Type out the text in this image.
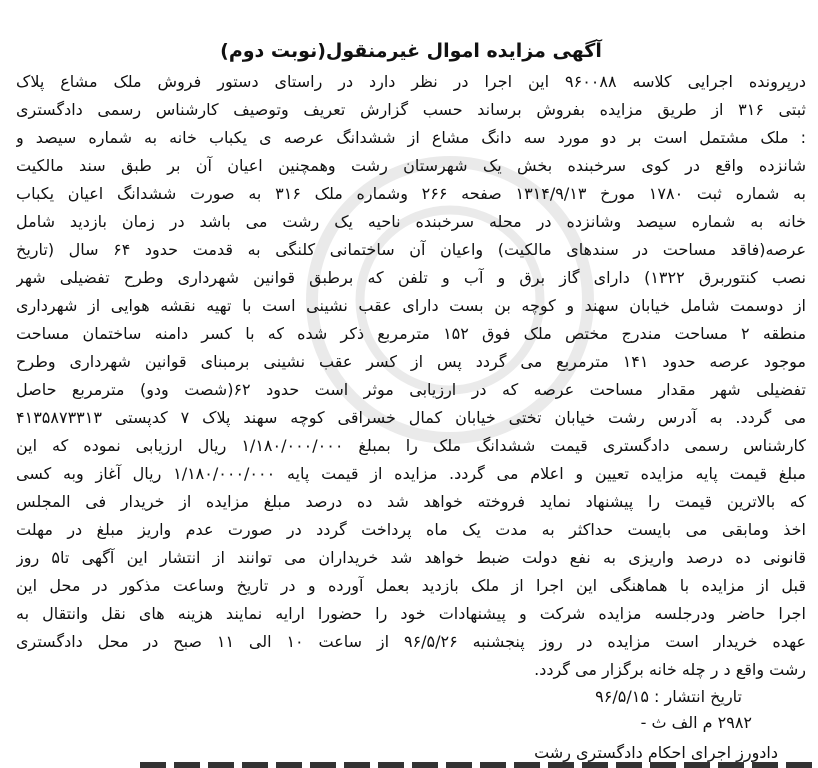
آگهی مزایده اموال غیرمنقول(نوبت دوم)
درپرونده اجرایی کلاسه ۹۶۰۰۸۸ این اجرا در نظر دارد در راستای دستور فروش ملک مشاع پلاک
ثبتی ۳۱۶ از طریق مزایده بفروش برساند حسب گزارش تعریف وتوصیف کارشناس رسمی دادگستری
: ملک مشتمل است بر دو مورد سه دانگ مشاع از ششدانگ عرصه ی یکباب خانه به شماره سیصد و
شانزده واقع در کوی سرخبنده بخش یک شهرستان رشت وهمچنین اعیان آن بر طبق سند مالکیت
به شماره ثبت ۱۷۸۰ مورخ ۱۳۱۴/۹/۱۳ صفحه ۲۶۶ وشماره ملک ۳۱۶ به صورت ششدانگ اعیان یکباب
خانه به شماره سیصد وشانزده در محله سرخبنده ناحیه یک رشت می باشد در زمان بازدید شامل
عرصه(فاقد مساحت در سندهای مالکیت) واعیان آن ساختمانی کلنگی به قدمت حدود ۶۴ سال (تاریخ
نصب کنتوربرق ۱۳۲۲) دارای گاز برق و آب و تلفن که برطبق قوانین شهرداری وطرح تفضیلی شهر
از دوسمت شامل خیابان سهند و کوچه بن بست دارای عقب نشینی است با تهیه نقشه هوایی از شهرداری
منطقه ۲ مساحت مندرج مختص ملک فوق ۱۵۲ مترمربع ذکر شده که با کسر دامنه ساختمان مساحت
موجود عرصه حدود ۱۴۱ مترمربع می گردد پس از کسر عقب نشینی برمبنای قوانین شهرداری وطرح
تفضیلی شهر مقدار مساحت عرصه که در ارزیابی موثر است حدود ۶۲(شصت ودو) مترمربع حاصل
می گردد. به آدرس رشت خیابان تختی خیابان کمال خسراقی کوچه سهند پلاک ۷ کدپستی ۴۱۳۵۸۷۳۳۱۳
کارشناس رسمی دادگستری قیمت ششدانگ ملک را بمبلغ ۱/۱۸۰/۰۰۰/۰۰۰ ریال ارزیابی نموده که این
مبلغ قیمت پایه مزایده تعیین و اعلام می گردد. مزایده از قیمت پایه ۱/۱۸۰/۰۰۰/۰۰۰ ریال آغاز وبه کسی
که بالاترین قیمت را پیشنهاد نماید فروخته خواهد شد ده درصد مبلغ مزایده از خریدار فی المجلس
اخذ ومابقی می بایست حداکثر به مدت یک ماه پرداخت گردد در صورت عدم واریز مبلغ در مهلت
قانونی ده درصد واریزی به نفع دولت ضبط خواهد شد خریداران می توانند از انتشار این آگهی تا۵ روز
قبل از مزایده با هماهنگی این اجرا از ملک بازدید بعمل آورده و در تاریخ وساعت مذکور در محل این
اجرا حاضر ودرجلسه مزایده شرکت و پیشنهادات خود را حضورا ارایه نمایند هزینه های نقل وانتقال به
عهده خریدار است مزایده در روز پنجشنبه ۹۶/۵/۲۶ از ساعت ۱۰ الی ۱۱ صبح در محل دادگستری
رشت واقع د ر چله خانه برگزار می گردد.
تاریخ انتشار : ۹۶/۵/۱۵
۲۹۸۲ م الف ث -
دادورز اجرای احکام دادگستری رشت
